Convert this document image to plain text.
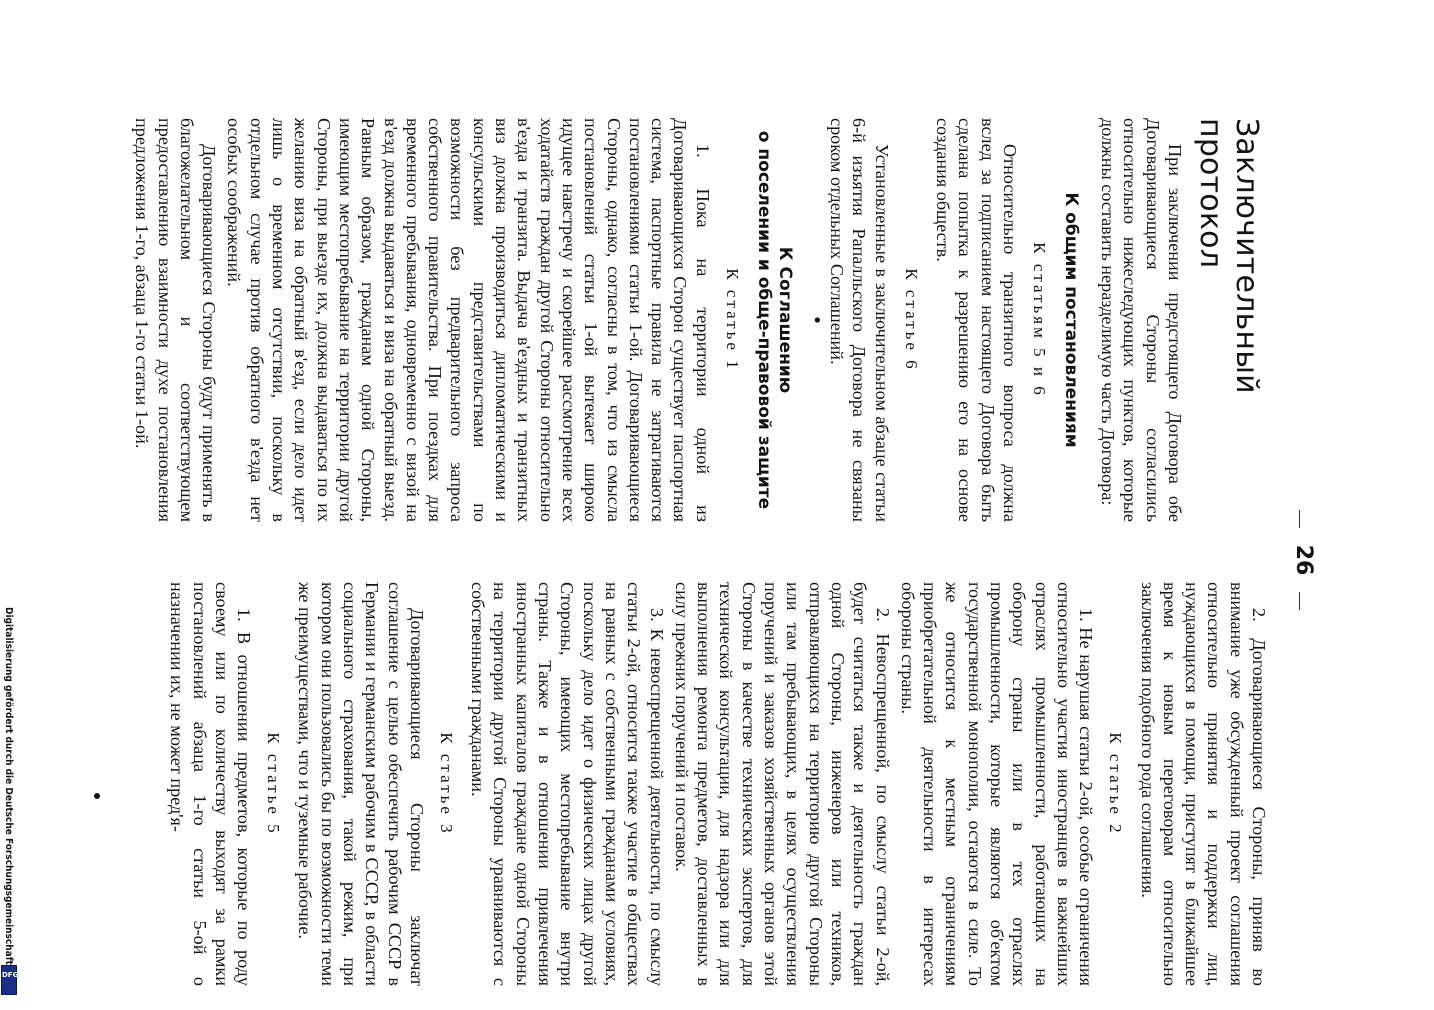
26
Заключительный протокол

При заключении предстоящего Договора обе Договаривающиеся Стороны согласились относительно нижеследующих пунктов, которые должны составить неразделимую часть Договора:

К общим постановлениям
К статьям 5 и 6

Относительно транзитного вопроса должна вслед за подписанием настоящего Договора быть сделана попытка к разрешению его на основе создания обществ.

К статье 6

Установленные в заключительном абзаце статьи 6-й изъятия Рапалльского Договора не связаны сроком отдельных Соглашений.

•
К Соглашению
о поселении и обще-правовой защите
К статье 1

1. Пока на территории одной из Договаривающихся Сторон существует паспортная система, паспортные правила не затрагиваются постановлениями статьи 1-ой. Договаривающиеся Стороны, однако, согласны в том, что из смысла постановлений статьи 1-ой вытекает широко идущее навстречу и скорейшее рассмотрение всех ходатайств граждан другой Стороны относительно в'езда и транзита. Выдача в'ездных и транзитных виз должна производиться дипломатическими и консульскими представительствами по возможности без предварительного запроса собственного правительства. При поездках для временного пребывания, одновременно с визой на в'езд должна выдаваться и виза на обратный выезд. Равным образом, гражданам одной Стороны, имеющим местопребывание на территории другой Стороны, при выезде их, должна выдаваться по их желанию виза на обратный в'езд, если дело идет лишь о временном отсутствии, поскольку в отдельном случае против обратного в'езда нет особых соображений.

Договаривающиеся Стороны будут применять в благожелательном и соответствующем предоставлению взаимности духе постановления предложения 1-го, абзаца 1-го статьи 1-ой.

2. Договаривающиеся Стороны, приняв во внимание уже обсужденный проект соглашения относительно принятия и поддержки лиц, нуждающихся в помощи, приступят в ближайшее время к новым переговорам относительно заключения подобного рода соглашения.

К статье 2

1. Не нарушая статьи 2-ой, особые ограничения относительно участия иностранцев в важнейших отраслях промышленности, работающих на оборону страны или в тех отраслях промышленности, которые являются об'ектом государственной монополии, остаются в силе. То же относится к местным ограничениям приобретательной деятельности в интересах обороны страны.

2. Невоспрещенной, по смыслу статьи 2-ой, будет считаться также и деятельность граждан одной Стороны, инженеров или техников, отправляющихся на территорию другой Стороны или там пребывающих, в целях осуществления поручений и заказов хозяйственных органов этой Стороны в качестве технических экспертов, для технической консультации, для надзора или для выполнения ремонта предметов, доставленных в силу прежних поручений и поставок.

3. К невоспрещенной деятельности, по смыслу статьи 2-ой, относится также участие в обществах на равных с собственными гражданами условиях, поскольку дело идет о физических лицах другой Стороны, имеющих местопребывание внутри страны. Также и в отношении привлечения иностранных капиталов граждане одной Стороны на территории другой Стороны уравниваются с собственными гражданами.

К статье 3

Договаривающиеся Стороны заключат соглашение с целью обеспечить рабочим СССР в Германии и германским рабочим в СССР, в области социального страхования, такой режим, при котором они пользовались бы по возможности теми же преимуществами, что и туземные рабочие.

К статье 5

1. В отношении предметов, которые по роду своему или по количеству выходят за рамки постановлений абзаца 1-го статьи 5-ой о назначении их, не может пред'я-

Digitalisierung gefördert durch die Deutsche Forschungsgemeinschaft
DFG
